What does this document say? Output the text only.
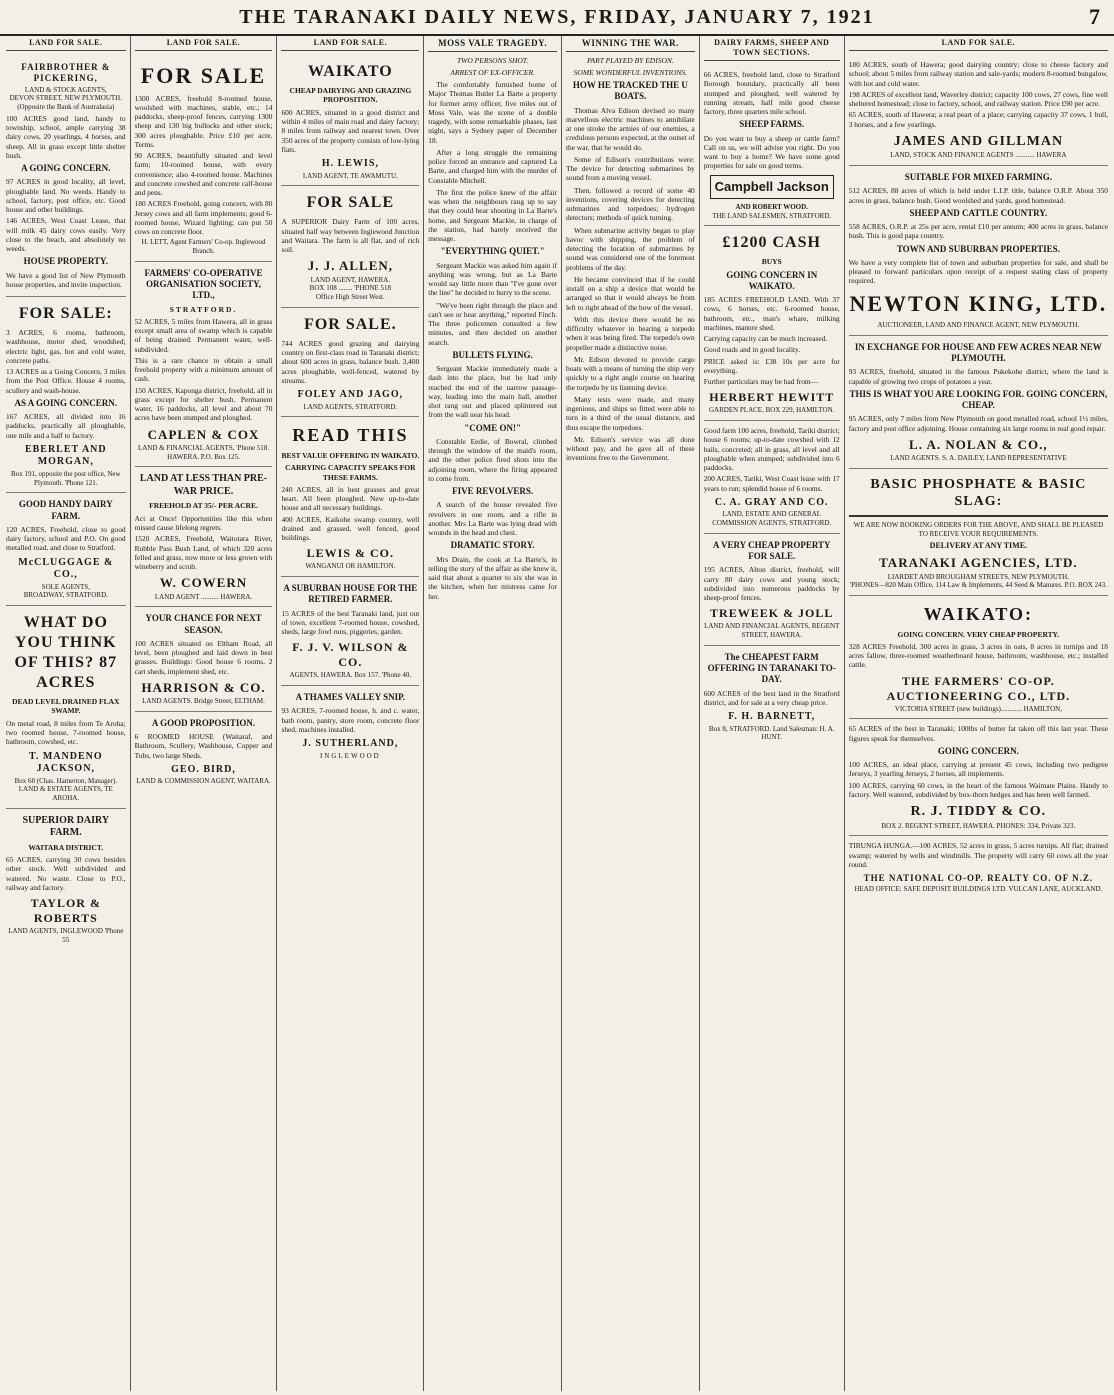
THE TARANAKI DAILY NEWS, FRIDAY, JANUARY 7, 1921	7
LAND FOR SALE.
FAIRBROTHER & PICKERING,
LAND & STOCK AGENTS,
DEVON STREET, NEW PLYMOUTH.
(Opposite the Bank of Australasia)

100 ACRES good land, handy to township, school, ample carrying 38 dairy cows, 20 yearlings, 4 horses, and sheep. All in grass except little shelter bush.

A GOING CONCERN.

97 ACRES in good locality, all level, ploughable land. No weeds. Handy to school, factory, post office, etc. Good house and other buildings.

146 ACRES, West Coast Lease, that will milk 45 dairy cows easily. Very close to the beach, and absolutely no weeds.

HOUSE PROPERTY.

We have a good list of New Plymouth house properties, and invite inspection.

FOR SALE:

3 ACRES, 6 rooms, bathroom, washhouse, motor shed, woodshed; electric light, gas, hot and cold water, concrete paths.

13 ACRES as a Going Concern, 3 miles from the Post Office. House 4 rooms, scullery and wash-house.

AS A GOING CONCERN.

167 ACRES, all divided into 16 paddocks, practically all ploughable, one mile and a half to factory.

EBERLET AND MORGAN,
Box 191, opposite the post office, New Plymouth. 'Phone 121.
GOOD HANDY DAIRY FARM.

120 ACRES, Freehold, close to good dairy factory, school and P.O. On good metalled road, and close to Stratford.

McCLUGGAGE & CO.,
SOLE AGENTS,
BROADWAY, STRATFORD.
WHAT DO YOU THINK OF THIS? 87 ACRES
DEAD LEVEL DRAINED FLAX SWAMP.

On metal road, 8 miles from Te Aroha; two roomed house, 7-roomed house, bathroom, cowshed, etc.

T. MANDENO JACKSON,
Box 68 (Chas. Hamerton, Manager). LAND & ESTATE AGENTS, TE AROHA.
SUPERIOR DAIRY FARM.
WAITARA DISTRICT.

65 ACRES, carrying 30 cows besides other stock. Well subdivided and watered. No waste. Close to P.O., railway and factory.

TAYLOR & ROBERTS
LAND AGENTS, INGLEWOOD 'Phone 55
LAND FOR SALE.
FOR SALE

1300 ACRES, freehold 8-roomed house, woolshed with machines, stable, etc.; 14 paddocks, sheep-proof fences, carrying 1300 sheep and 130 big bullocks and other stock; 300 acres ploughable. Price £10 per acre. Terms.

90 ACRES, beautifully situated and level farm; 10-roomed house, with every convenience; also 4-roomed house. Machines and concrete cowshed and concrete calf-house and pens.

180 ACRES Freehold, going concern, with 80 Jersey cows and all farm implements; good 6-roomed house, Wizard lighting; can put 50 cows on concrete floor.

H. LETT, Agent Farmers' Co-op. Inglewood Branch.
FARMERS' CO-OPERATIVE ORGANISATION SOCIETY, LTD.,
STRATFORD.

52 ACRES, 5 miles from Hawera, all in grass except small area of swamp which is capable of being drained. Permanent water, well-subdivided.

This is a rare chance to obtain a small freehold property with a minimum amount of cash.

150 ACRES, Kaponga district, freehold, all in grass except for shelter bush. Permanent water, 16 paddocks, all level and about 70 acres have been stumped and ploughed.

CAPLEN & COX
LAND & FINANCIAL AGENTS, 'Phone 518. HAWERA. P.O. Box 125.
LAND AT LESS THAN PRE-WAR PRICE.
FREEHOLD AT 35/- PER ACRE.

Act at Once! Opportunities like this when missed cause lifelong regrets.

1520 ACRES, Freehold, Waitotara River, Rubble Pass Bush Land, of which 320 acres felled and grass, now more or less grown with wineberry and scrub.

W. COWERN
LAND AGENT .......... HAWERA.
YOUR CHANCE FOR NEXT SEASON.

100 ACRES situated on Eltham Road, all level, been ploughed and laid down in best grasses. Buildings: Good house 6 rooms, 2 cart sheds, implement shed, etc.

HARRISON & CO.
LAND AGENTS. Bridge Street, ELTHAM.
A GOOD PROPOSITION.

6 ROOMED HOUSE (Waitaraf, and Bathroom, Scullery, Washhouse, Copper and Tubs, two large Sheds.

GEO. BIRD,
LAND & COMMISSION AGENT, WAITARA.
LAND FOR SALE.
WAIKATO
CHEAP DAIRYING AND GRAZING PROPOSITION.

600 ACRES, situated in a good district and within 4 miles of main road and dairy factory; 8 miles from railway and nearest town. Over 350 acres of the property consists of low-lying flats.

H. LEWIS,
LAND AGENT, TE AWAMUTU.
FOR SALE

A SUPERIOR Dairy Farm of 100 acres, situated half way between Inglewood Junction and Waitara. The farm is all flat, and of rich soil.

J. J. ALLEN,
LAND AGENT, HAWERA.
BOX 108 ........ 'PHONE 518
Office High Street West.
FOR SALE.

744 ACRES good grazing and dairying country on first-class road in Taranaki district; about 600 acres in grass, balance bush. 3,400 acres ploughable, well-fenced, watered by streams.

FOLEY AND JAGO,
LAND AGENTS, STRATFORD.
READ THIS
BEST VALUE OFFERING IN WAIKATO.
CARRYING CAPACITY SPEAKS FOR THESE FARMS.

240 ACRES, all in best grasses and great heart. All been ploughed. New up-to-date house and all necessary buildings.

400 ACRES, Kaikohe swamp country, well drained and grassed, well fenced, good buildings.

LEWIS & CO.
WANGANUI OR HAMILTON.
A SUBURBAN HOUSE FOR THE RETIRED FARMER.

15 ACRES of the best Taranaki land, just out of town, excellent 7-roomed house, cowshed, sheds, large fowl runs, piggeries, garden.

F. J. V. WILSON & CO.
AGENTS, HAWERA. Box 157. 'Phone 40.
A THAMES VALLEY SNIP.

93 ACRES, 7-roomed house, h. and c. water, bath room, pantry, store room, concrete floor shed, machines installed.

J. SUTHERLAND,
INGLEWOOD
MOSS VALE TRAGEDY.
TWO PERSONS SHOT.
ARREST OF EX-OFFICER.

The comfortably furnished home of Major Thomas Butler La Barte a property for former army officer, five miles out of Moss Vale, was the scene of a double tragedy, with some remarkable phases, last night, says a Sydney paper of December 18.

After a long struggle the remaining police forced an entrance and captured La Barte, and charged him with the murder of Constable Mitchell.

The first the police knew of the affair was when the neighbours rang up to say that they could hear shooting in La Barte's home, and Sergeant Mackie, in charge of the station, had barely received the message.

"EVERYTHING QUIET."

Sergeant Mackie was asked him again if anything was wrong, but as La Barte would say little more than "I've gone over the line" he decided to hurry to the scene.

"We've been right through the place and can't see or hear anything," reported Finch. The three policemen consulted a few minutes, and then decided on another search.

BULLETS FLYING.

Sergeant Mackie immediately made a dash into the place, but he had only reached the end of the narrow passage-way, leading into the main hall, another shot rang out and placed splintered out from the wall near his head.

"COME ON!"

Constable Eedie, of Bowral, climbed through the window of the maid's room, and the other police fired shots into the adjoining room, where the firing appeared to come from.

FIVE REVOLVERS.

A search of the house revealed five revolvers in one room, and a rifle in another. Mrs La Barte was lying dead with wounds in the head and chest.

DRAMATIC STORY.

Mrs Drain, the cook at La Barte's, in telling the story of the affair as she knew it, said that about a quarter to six she was in the kitchen, when her mistress came for her.

WINNING THE WAR.
PART PLAYED BY EDISON.
SOME WONDERFUL INVENTIONS.
HOW HE TRACKED THE U BOATS.

Thomas Alva Edison devised so many marvellous electric machines to annihilate at one stroke the armies of our enemies, a credulous persons expected, at the outset of the war, that he would do.

Some of Edison's contributions were: The device for detecting submarines by sound from a moving vessel.

Then, followed a record of some 40 inventions, covering devices for detecting submarines and torpedoes; hydrogen detectors; methods of quick turning.

When submarine activity began to play havoc with shipping, the problem of detecting the location of submarines by sound was considered one of the foremost problems of the day.

He became convinced that if he could install on a ship a device that would be arranged so that it would always be from left to right ahead of the bow of the vessel.

With this device there would be no difficulty whatever in hearing a torpedo when it was being fired. The torpedo's own propeller made a distinctive noise.

Mr. Edison devoted to provide cargo boats with a means of turning the ship very quickly to a right angle course on hearing the torpedo by its listening device.

Many tests were made, and many ingenious, and ships so fitted were able to turn in a third of the usual distance, and thus escape the torpedoes.

Mr. Edison's service was all done without pay, and he gave all of these inventions free to the Government.

DAIRY FARMS, SHEEP AND TOWN SECTIONS.

66 ACRES, freehold land, close to Stratford Borough boundary, practically all been stumped and ploughed, well watered by running stream, half mile good cheese factory, three quarters mile school.

SHEEP FARMS.

Do you want to buy a sheep or cattle farm? Call on us, we will advise you right. Do you want to buy a home? We have some good properties for sale on good terms.

Campbell Jackson
AND ROBERT WOOD.
THE LAND SALESMEN, STRATFORD.
£1200 CASH
BUYS
GOING CONCERN IN WAIKATO.

185 ACRES FREEHOLD LAND. With 37 cows, 6 horses, etc. 6-roomed house, bathroom, etc., man's whare, milking machines, manure shed.

Carrying capacity can be much increased.

Good roads and in good locality.

PRICE asked is: £38 10s per acre for everything.

Further particulars may be had from—

HERBERT HEWITT
GARDEN PLACE, BOX 229, HAMILTON.

Good farm 100 acres, freehold, Tariki district; house 6 rooms; up-to-date cowshed with 12 bails, concreted; all in grass, all level and all ploughable when stumped; subdivided into 6 paddocks.

200 ACRES, Tariki, West Coast lease with 17 years to run; splendid house of 6 rooms.

C. A. GRAY AND CO.
LAND, ESTATE AND GENERAL COMMISSION AGENTS, STRATFORD.
A VERY CHEAP PROPERTY FOR SALE.

195 ACRES, Alton district, freehold, will carry 80 dairy cows and young stock; subdivided into numerous paddocks by sheep-proof fences.

TREWEEK & JOLL
LAND AND FINANCIAL AGENTS, REGENT STREET, HAWERA.
The CHEAPEST FARM OFFERING IN TARANAKI TO-DAY.

600 ACRES of the best land in the Stratford district, and for sale at a very cheap price.

F. H. BARNETT,
Box 8, STRATFORD. Land Salesman: H. A. HUNT.
LAND FOR SALE.

180 ACRES, south of Hawera; good dairying country; close to cheese factory and school; about 5 miles from railway station and sale-yards; modern 8-roomed bungalow, with hot and cold water.

198 ACRES of excellent land, Waverley district; capacity 100 cows, 27 cows, fine well sheltered homestead; close to factory, school, and railway station. Price £90 per acre.

65 ACRES, south of Hawera; a real peart of a place; carrying capacity 37 cows, 1 bull, 3 horses, and a few yearlings.

JAMES AND GILLMAN
LAND, STOCK AND FINANCE AGENTS ........... HAWERA
SUITABLE FOR MIXED FARMING.

512 ACRES, 88 acres of which is held under L.I.P. title, balance O.R.P. About 350 acres in grass, balance bush. Good woolshed and yards, good homestead.

SHEEP AND CATTLE COUNTRY.

558 ACRES, O.R.P. at 25s per acre, rental £10 per annum; 400 acres in grass, balance bush. This is good papa country.

TOWN AND SUBURBAN PROPERTIES.

We have a very complete list of town and suburban properties for sale, and shall be pleased to forward particulars upon receipt of a request stating class of property required.

NEWTON KING, LTD.
AUCTIONEER, LAND AND FINANCE AGENT, NEW PLYMOUTH.
IN EXCHANGE FOR HOUSE AND FEW ACRES NEAR NEW PLYMOUTH.

93 ACRES, freehold, situated in the famous Pukekohe district, where the land is capable of growing two crops of potatoes a year.

THIS IS WHAT YOU ARE LOOKING FOR. GOING CONCERN, CHEAP.

95 ACRES, only 7 miles from New Plymouth on good metalled road, school 1½ miles, factory and post office adjoining. House containing six large rooms in real good repair.

L. A. NOLAN & CO.,
LAND AGENTS. S. A. DAILEY, LAND REPRESENTATIVE
BASIC PHOSPHATE & BASIC SLAG:
WE ARE NOW BOOKING ORDERS FOR THE ABOVE, AND SHALL BE PLEASED TO RECEIVE YOUR REQUIREMENTS.
DELIVERY AT ANY TIME.
TARANAKI AGENCIES, LTD.
LIARDET AND BROUGHAM STREETS, NEW PLYMOUTH.
'PHONES—820 Main Office, 114 Law & Implements, 44 Seed & Manures. P.O. BOX 243.
WAIKATO:
GOING CONCERN. VERY CHEAP PROPERTY.

328 ACRES Freehold, 300 acres in grass, 3 acres in oats, 8 acres in turnips and 18 acres fallow, three-roomed weatherboard house, bathroom, washhouse, etc.; installed cattle.

THE FARMERS' CO-OP. AUCTIONEERING CO., LTD.
VICTORIA STREET (new buildings)............ HAMILTON,

65 ACRES of the best in Taranaki; 100lbs of butter fat taken off this last year. These figures speak for themselves.

GOING CONCERN.

100 ACRES, an ideal place, carrying at present 45 cows, including two pedigree Jerseys, 3 yearling Jerseys, 2 horses, all implements.

100 ACRES, carrying 60 cows, in the heart of the famous Waimate Plains. Handy to factory. Well watered, subdivided by box-thorn hedges and has been well farmed.

R. J. TIDDY & CO.
BOX 2. REGENT STREET, HAWERA. PHONES: 334, Private 323.

TIRUNGA HUNGA.—100 ACRES, 52 acres in grass, 5 acres turnips. All flat; drained swamp; watered by wells and windmills. The property will carry 60 cows all the year round.

THE NATIONAL CO-OP. REALTY CO. OF N.Z.
HEAD OFFICE: SAFE DEPOSIT BUILDINGS LTD. VULCAN LANE, AUCKLAND.
